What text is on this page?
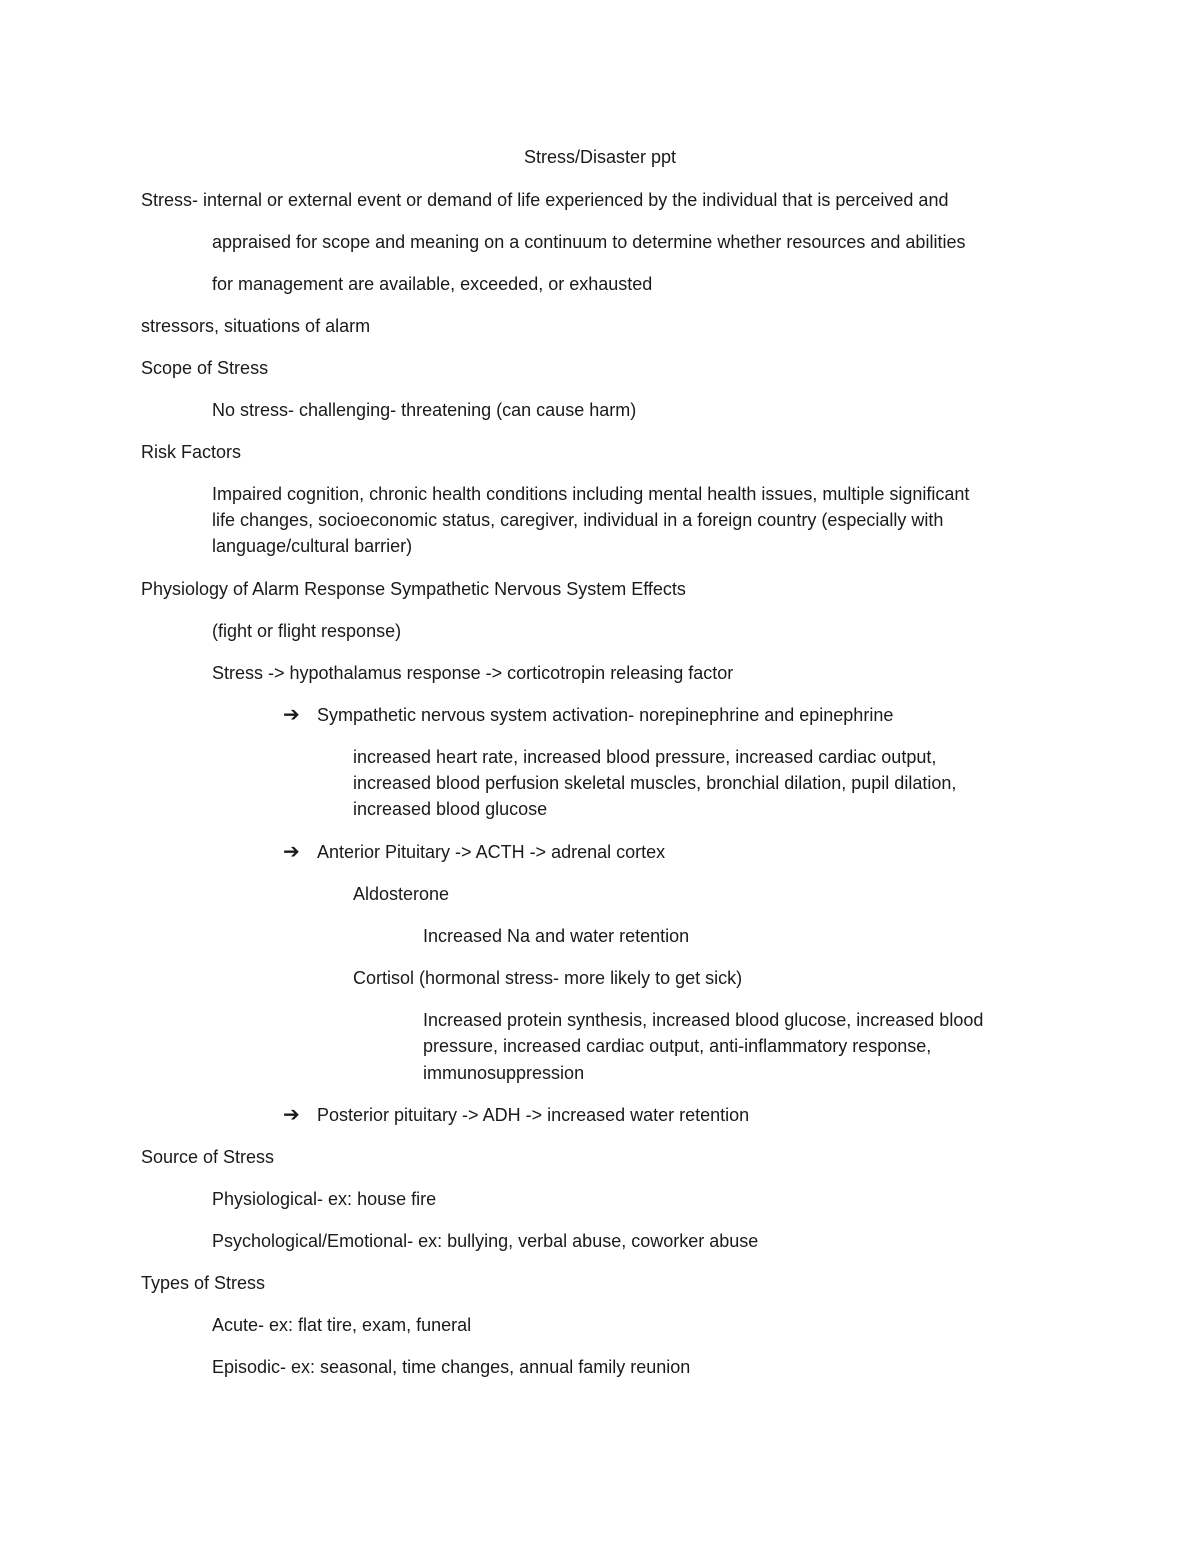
Stress/Disaster ppt
Stress- internal or external event or demand of life experienced by the individual that is perceived and
appraised for scope and meaning on a continuum to determine whether resources and abilities
for management are available, exceeded, or exhausted
stressors, situations of alarm
Scope of Stress
No stress- challenging- threatening (can cause harm)
Risk Factors
Impaired cognition, chronic health conditions including mental health issues, multiple significant
life changes, socioeconomic status, caregiver, individual in a foreign country (especially with
language/cultural barrier)
Physiology of Alarm Response Sympathetic Nervous System Effects
(fight or flight response)
Stress -> hypothalamus response -> corticotropin releasing factor
➔ Sympathetic nervous system activation- norepinephrine and epinephrine
increased heart rate, increased blood pressure, increased cardiac output,
increased blood perfusion skeletal muscles, bronchial dilation, pupil dilation,
increased blood glucose
➔ Anterior Pituitary -> ACTH -> adrenal cortex
Aldosterone
Increased Na and water retention
Cortisol (hormonal stress- more likely to get sick)
Increased protein synthesis, increased blood glucose, increased blood
pressure, increased cardiac output, anti-inflammatory response,
immunosuppression
➔ Posterior pituitary -> ADH -> increased water retention
Source of Stress
Physiological- ex: house fire
Psychological/Emotional- ex: bullying, verbal abuse, coworker abuse
Types of Stress
Acute- ex: flat tire, exam, funeral
Episodic- ex: seasonal, time changes, annual family reunion
